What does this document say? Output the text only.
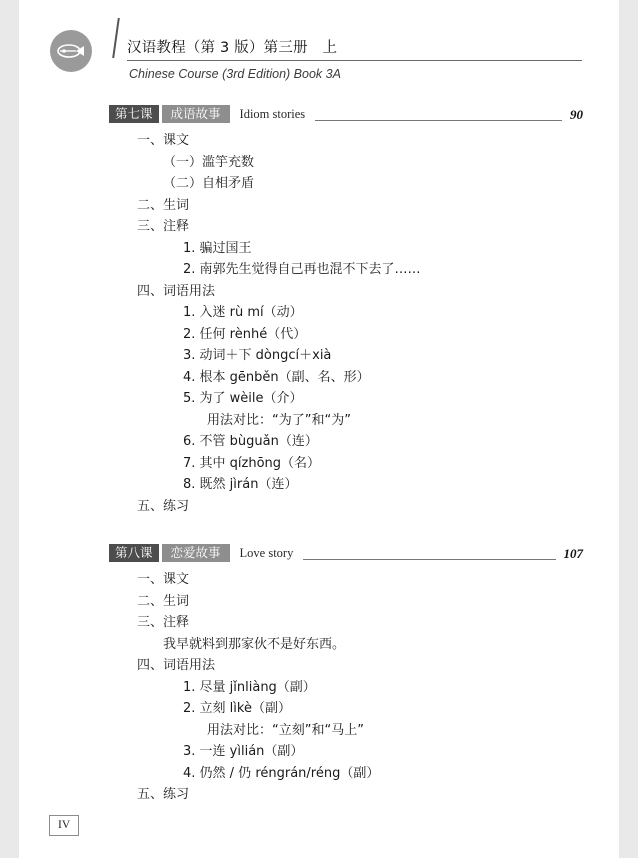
汉语教程（第 3 版）第三册　上
Chinese Course (3rd Edition) Book 3A
第七课	成语故事	Idiom stories	90
一、课文
（一）滥竽充数
（二）自相矛盾
二、生词
三、注释
1. 骗过国王
2. 南郭先生觉得自己再也混不下去了……
四、词语用法
1. 入迷 rù mí（动）
2. 任何 rènhé（代）
3. 动词＋下 dòngcí＋xià
4. 根本 gēnběn（副、名、形）
5. 为了 wèile（介）
用法对比：“为了”和“为”
6. 不管 bùguǎn（连）
7. 其中 qízhōng（名）
8. 既然 jìrán（连）
五、练习
第八课	恋爱故事	Love story	107
一、课文
二、生词
三、注释
我早就料到那家伙不是好东西。
四、词语用法
1. 尽量 jǐnliàng（副）
2. 立刻 lìkè（副）
用法对比：“立刻”和“马上”
3. 一连 yìlián（副）
4. 仍然 / 仍 réngrán/réng（副）
五、练习
IV
